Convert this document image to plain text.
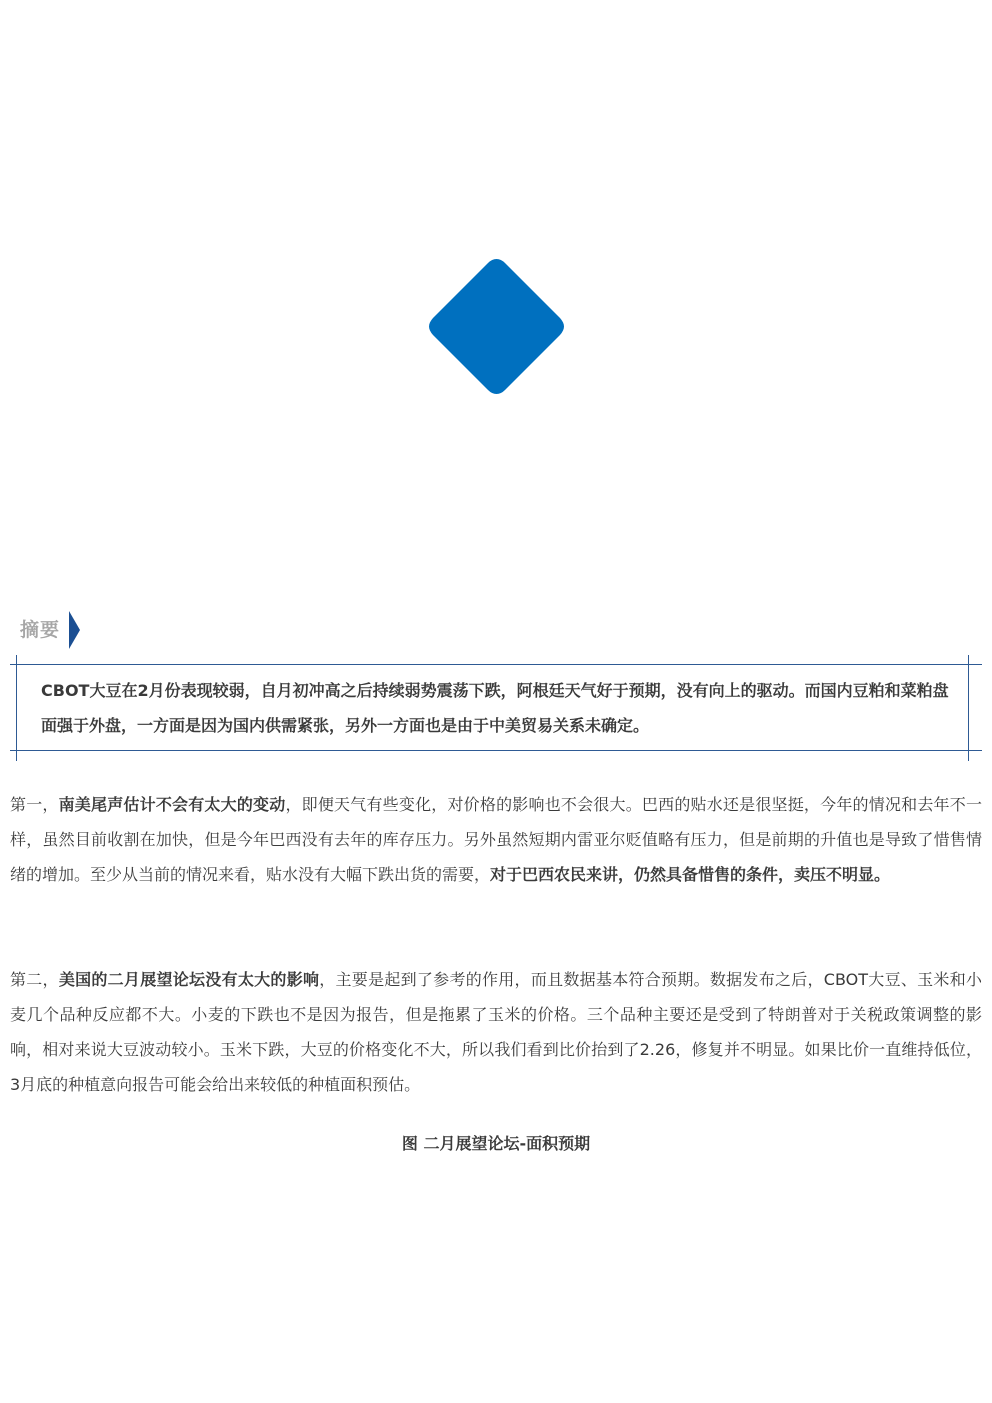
摘要

CBOT大豆在2月份表现较弱，自月初冲高之后持续弱势震荡下跌，阿根廷天气好于预期，没有向上的驱动。而国内豆粕和菜粕盘面强于外盘，一方面是因为国内供需紧张，另外一方面也是由于中美贸易关系未确定。

第一，南美尾声估计不会有太大的变动，即便天气有些变化，对价格的影响也不会很大。巴西的贴水还是很坚挺，今年的情况和去年不一样，虽然目前收割在加快，但是今年巴西没有去年的库存压力。另外虽然短期内雷亚尔贬值略有压力，但是前期的升值也是导致了惜售情绪的增加。至少从当前的情况来看，贴水没有大幅下跌出货的需要，对于巴西农民来讲，仍然具备惜售的条件，卖压不明显。

第二，美国的二月展望论坛没有太大的影响，主要是起到了参考的作用，而且数据基本符合预期。数据发布之后，CBOT大豆、玉米和小麦几个品种反应都不大。小麦的下跌也不是因为报告，但是拖累了玉米的价格。三个品种主要还是受到了特朗普对于关税政策调整的影响，相对来说大豆波动较小。玉米下跌，大豆的价格变化不大，所以我们看到比价抬到了2.26，修复并不明显。如果比价一直维持低位，3月底的种植意向报告可能会给出来较低的种植面积预估。

图 二月展望论坛-面积预期
